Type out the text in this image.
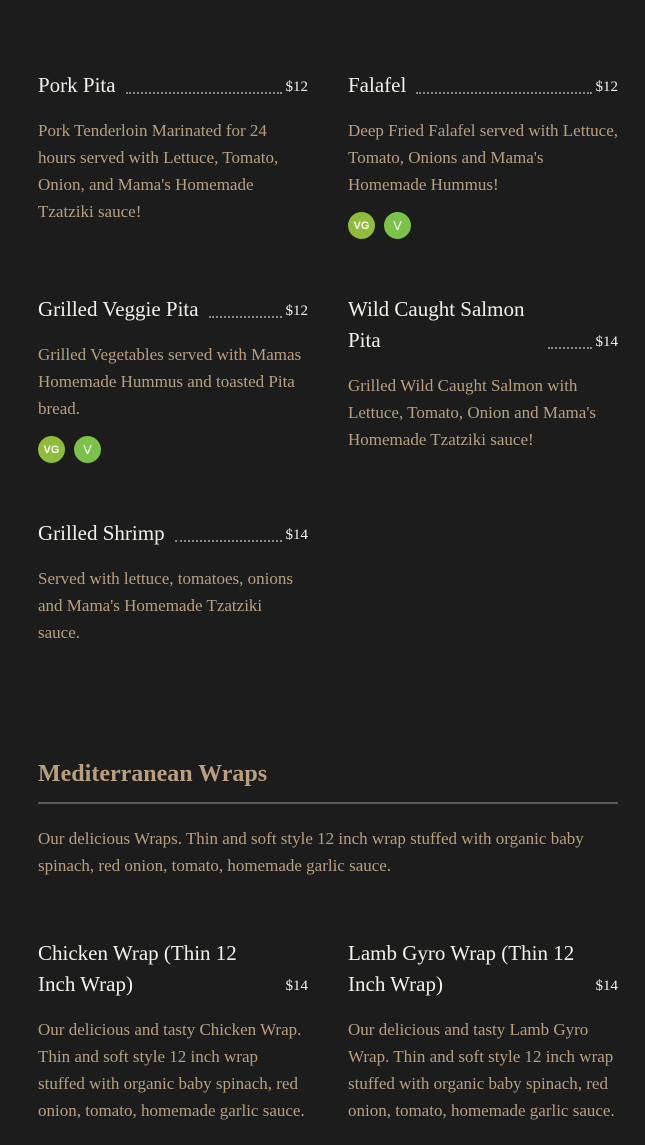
Pork Pita	$12
Pork Tenderloin Marinated for 24 hours served with Lettuce, Tomato, Onion, and Mama's Homemade Tzatziki sauce!
Falafel	$12
Deep Fried Falafel served with Lettuce, Tomato, Onions and Mama's Homemade Hummus!
VG	V
Grilled Veggie Pita	$12
Grilled Vegetables served with Mamas Homemade Hummus and toasted Pita bread.
VG	V
Wild Caught Salmon Pita	$14
Grilled Wild Caught Salmon with Lettuce, Tomato, Onion and Mama's Homemade Tzatziki sauce!
Grilled Shrimp	$14
Served with lettuce, tomatoes, onions and Mama's Homemade Tzatziki sauce.
Mediterranean Wraps
Our delicious Wraps. Thin and soft style 12 inch wrap stuffed with organic baby spinach, red onion, tomato, homemade garlic sauce.
Chicken Wrap (Thin 12 Inch Wrap)	$14
Our delicious and tasty Chicken Wrap. Thin and soft style 12 inch wrap stuffed with organic baby spinach, red onion, tomato, homemade garlic sauce.
Lamb Gyro Wrap (Thin 12 Inch Wrap)	$14
Our delicious and tasty Lamb Gyro Wrap. Thin and soft style 12 inch wrap stuffed with organic baby spinach, red onion, tomato, homemade garlic sauce.
